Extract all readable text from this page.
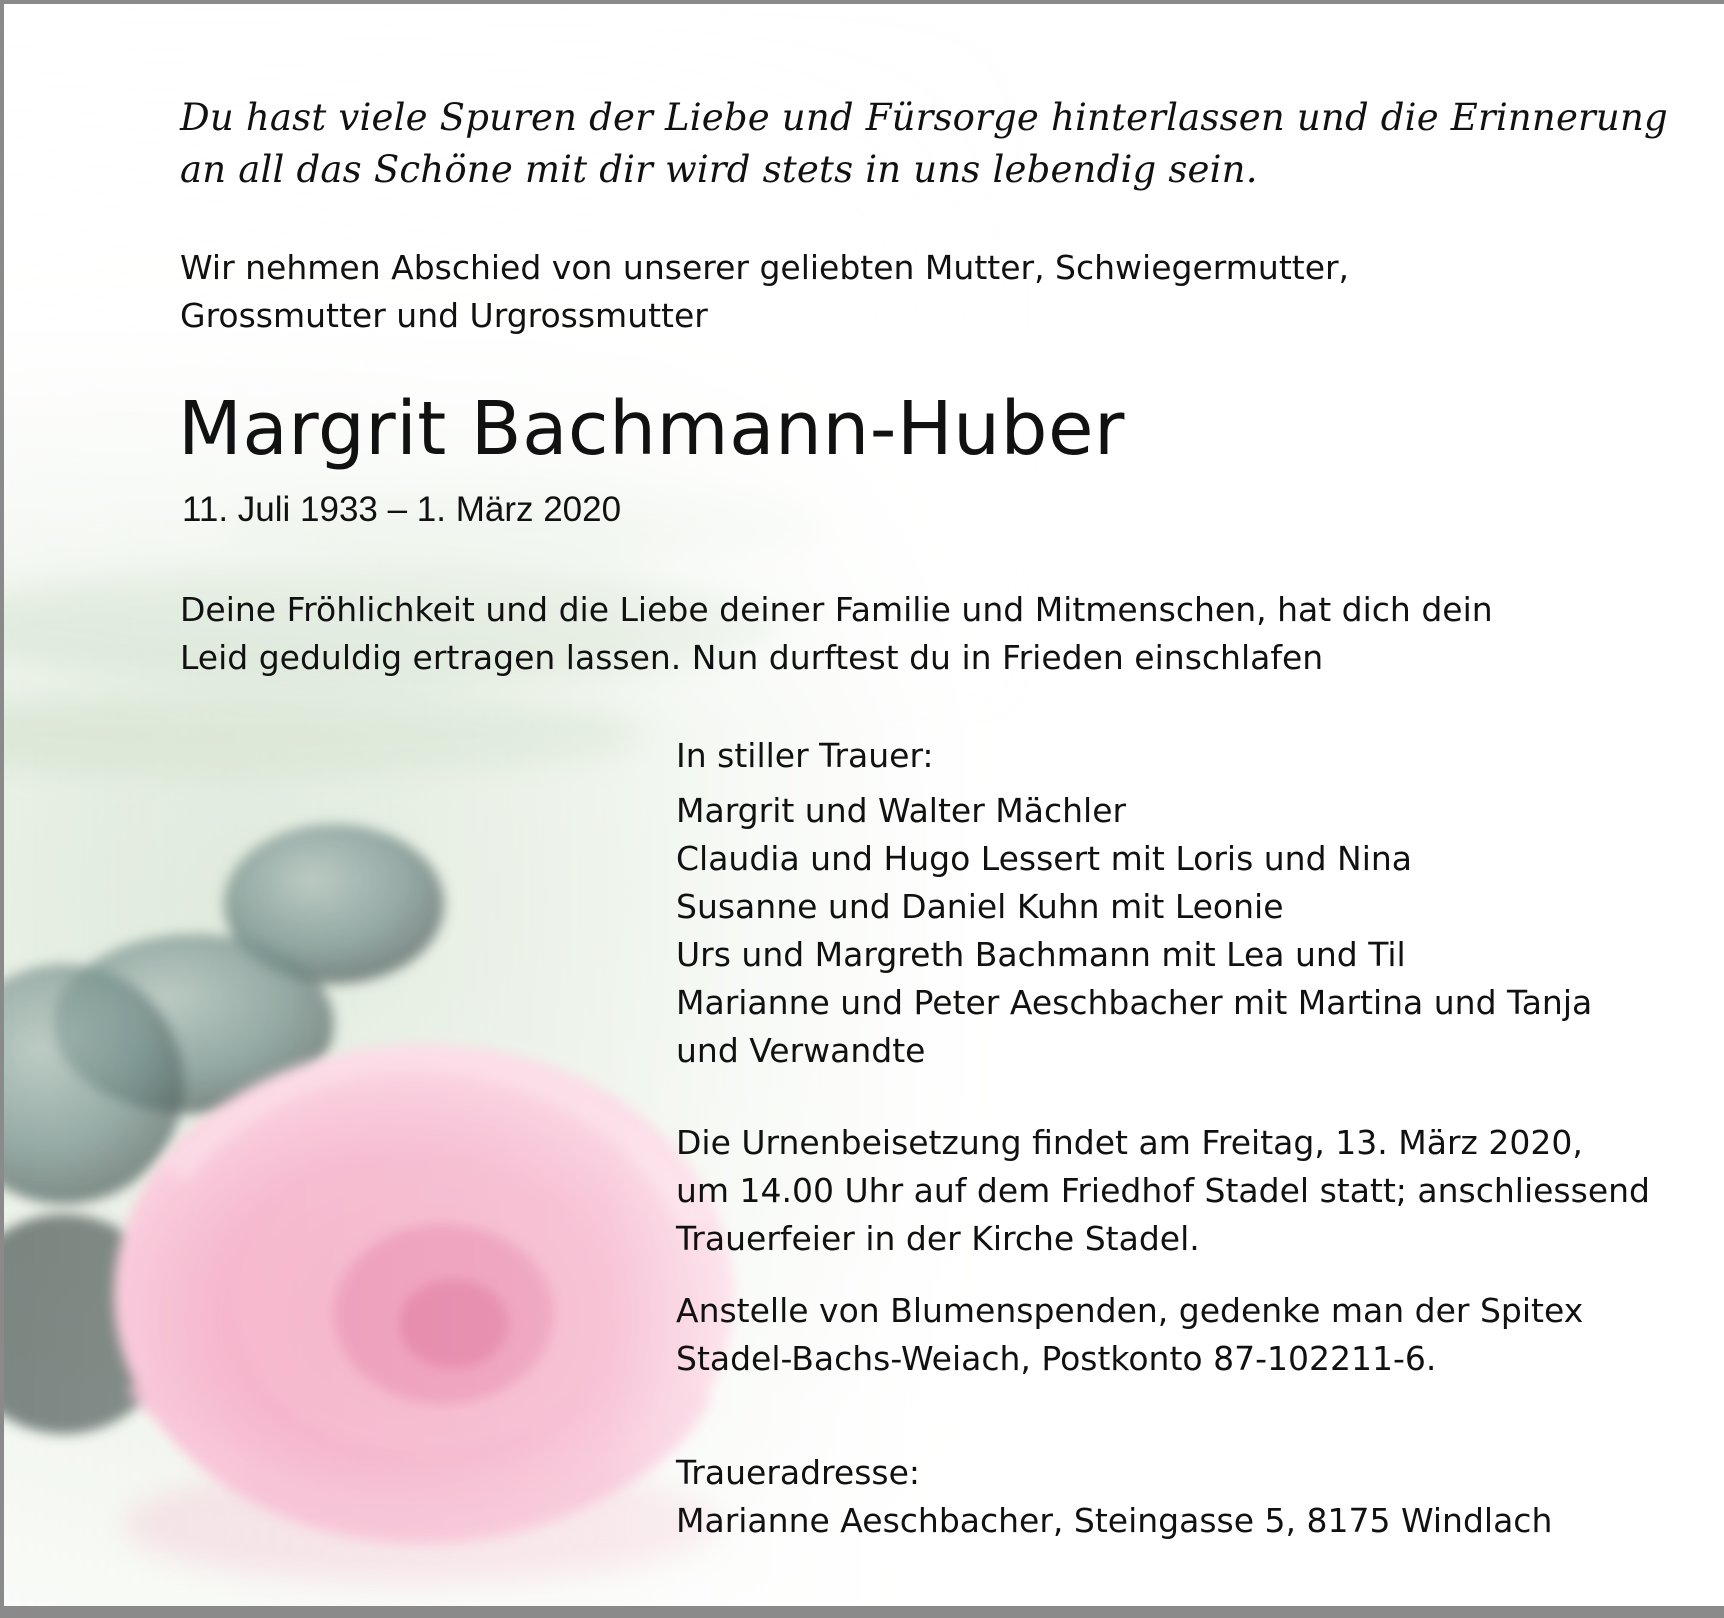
Du hast viele Spuren der Liebe und Fürsorge hinterlassen und die Erinnerung
an all das Schöne mit dir wird stets in uns lebendig sein.
Wir nehmen Abschied von unserer geliebten Mutter, Schwiegermutter,
Grossmutter und Urgrossmutter
Margrit Bachmann-Huber
11. Juli 1933 – 1. März 2020
Deine Fröhlichkeit und die Liebe deiner Familie und Mitmenschen, hat dich dein
Leid geduldig ertragen lassen. Nun durftest du in Frieden einschlafen
In stiller Trauer:
Margrit und Walter Mächler
Claudia und Hugo Lessert mit Loris und Nina
Susanne und Daniel Kuhn mit Leonie
Urs und Margreth Bachmann mit Lea und Til
Marianne und Peter Aeschbacher mit Martina und Tanja
und Verwandte
Die Urnenbeisetzung findet am Freitag, 13. März 2020,
um 14.00 Uhr auf dem Friedhof Stadel statt; anschliessend
Trauerfeier in der Kirche Stadel.
Anstelle von Blumenspenden, gedenke man der Spitex
Stadel-Bachs-Weiach, Postkonto 87-102211-6.
Traueradresse:
Marianne Aeschbacher, Steingasse 5, 8175 Windlach
